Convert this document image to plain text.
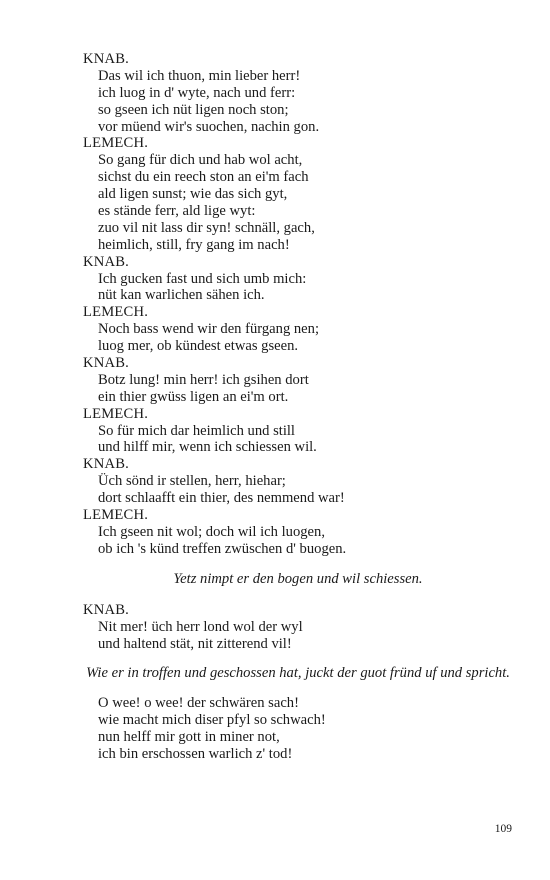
KNAB.
Das wil ich thuon, min lieber herr!
ich luog in d' wyte, nach und ferr:
so gseen ich nüt ligen noch ston;
vor müend wir's suochen, nachin gon.
LEMECH.
So gang für dich und hab wol acht,
sichst du ein reech ston an ei'm fach
ald ligen sunst; wie das sich gyt,
es stände ferr, ald lige wyt:
zuo vil nit lass dir syn! schnäll, gach,
heimlich, still, fry gang im nach!
KNAB.
Ich gucken fast und sich umb mich:
nüt kan warlichen sähen ich.
LEMECH.
Noch bass wend wir den fürgang nen;
luog mer, ob kündest etwas gseen.
KNAB.
Botz lung! min herr! ich gsihen dort
ein thier gwüss ligen an ei'm ort.
LEMECH.
So für mich dar heimlich und still
und hilff mir, wenn ich schiessen wil.
KNAB.
Üch sönd ir stellen, herr, hiehar;
dort schlaafft ein thier, des nemmend war!
LEMECH.
Ich gseen nit wol; doch wil ich luogen,
ob ich 's künd treffen zwüschen d' buogen.
Yetz nimpt er den bogen und wil schiessen.
KNAB.
Nit mer! üch herr lond wol der wyl
und haltend stät, nit zitterend vil!
Wie er in troffen und geschossen hat, juckt der guot fründ uf und spricht.
O wee! o wee! der schwären sach!
wie macht mich diser pfyl so schwach!
nun helff mir gott in miner not,
ich bin erschossen warlich z' tod!
109
